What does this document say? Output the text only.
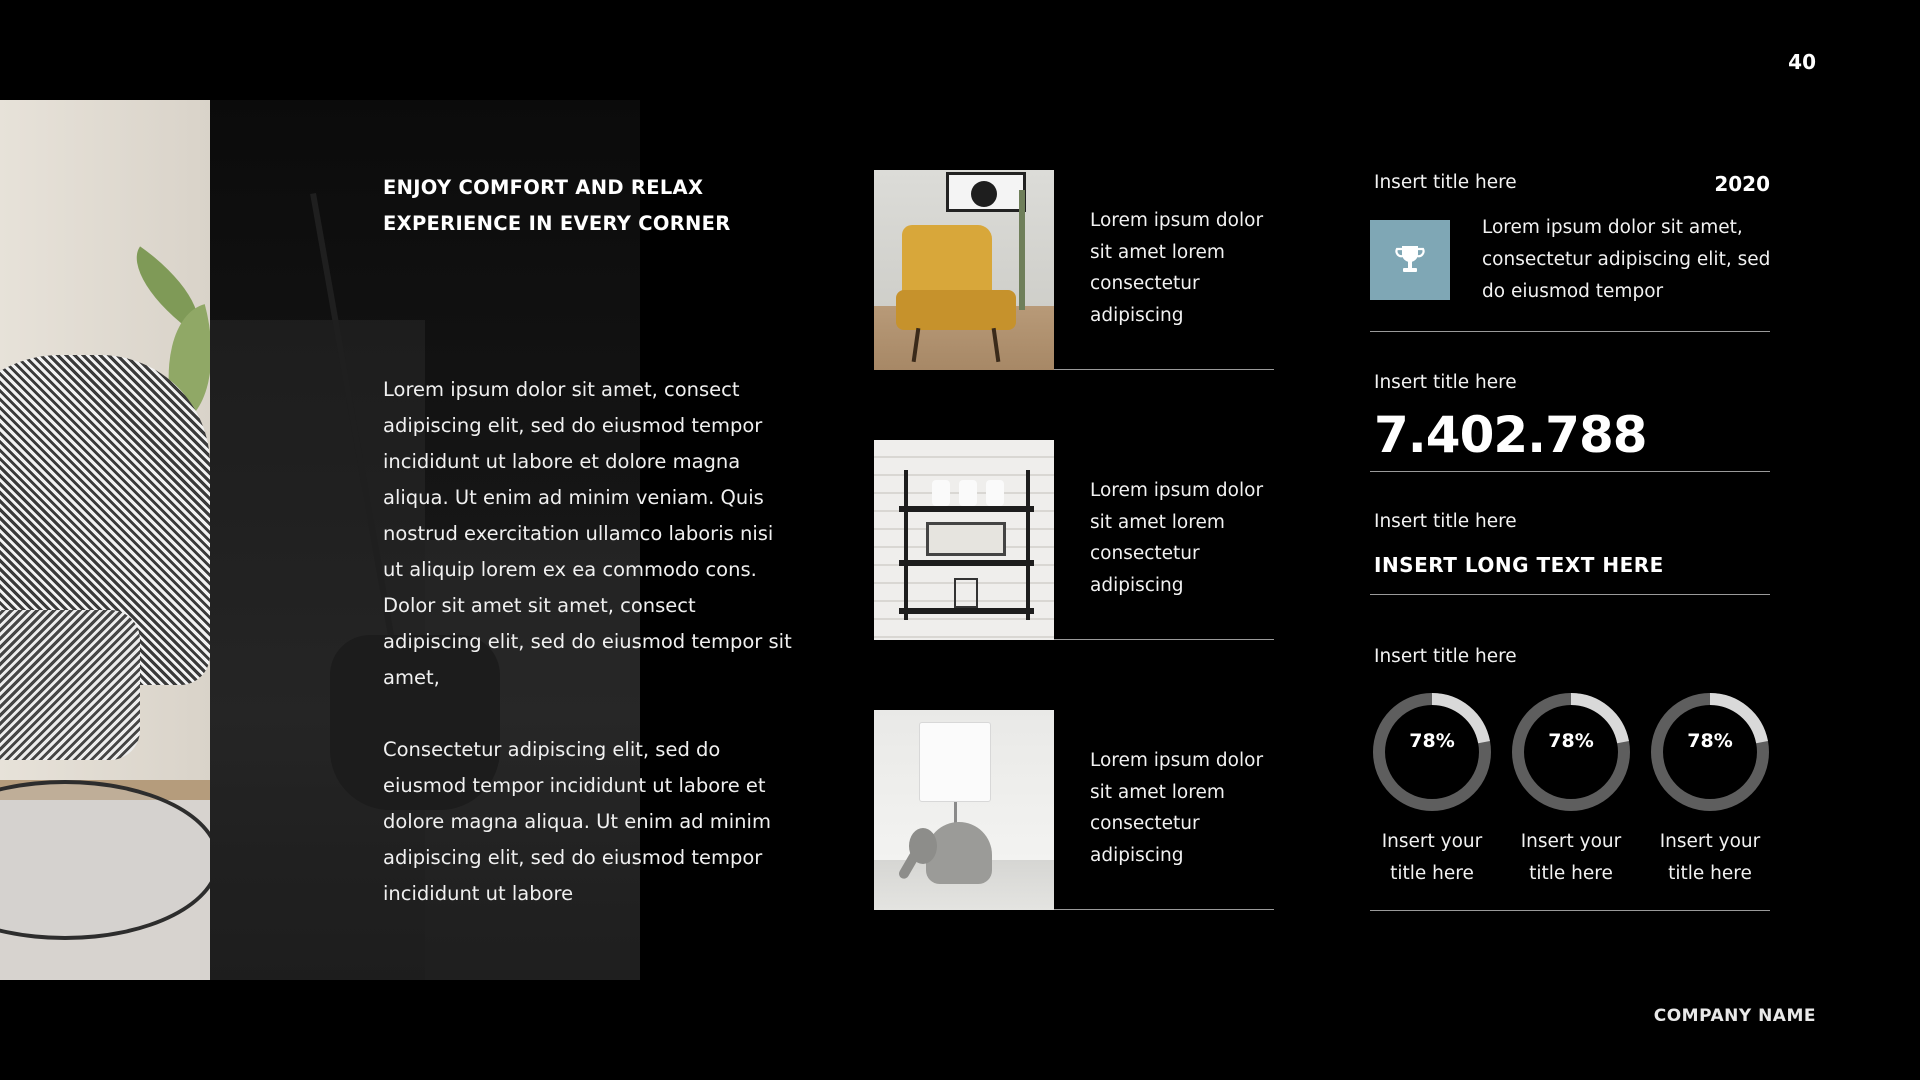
40
ENJOY COMFORT AND RELAX
EXPERIENCE IN EVERY CORNER

Lorem ipsum dolor sit amet, consect adipiscing elit, sed do eiusmod tempor incididunt ut labore et dolore magna aliqua. Ut enim ad minim veniam. Quis nostrud exercitation ullamco laboris nisi ut aliquip lorem ex ea commodo cons. Dolor sit amet sit amet, consect adipiscing elit, sed do eiusmod tempor sit amet,

Consectetur adipiscing elit, sed do eiusmod tempor incididunt ut labore et dolore magna aliqua. Ut enim ad minim adipiscing elit, sed do eiusmod tempor incididunt ut labore

Lorem ipsum dolor sit amet lorem consectetur adipiscing
Lorem ipsum dolor sit amet lorem consectetur adipiscing
Lorem ipsum dolor sit amet lorem consectetur adipiscing
Insert title here	2020
Lorem ipsum dolor sit amet, consectetur adipiscing elit, sed do eiusmod tempor
Insert title here
7.402.788
Insert title here
INSERT LONG TEXT HERE
Insert title here
78%
Insert your title here
78%
Insert your title here
78%
Insert your title here
COMPANY NAME
